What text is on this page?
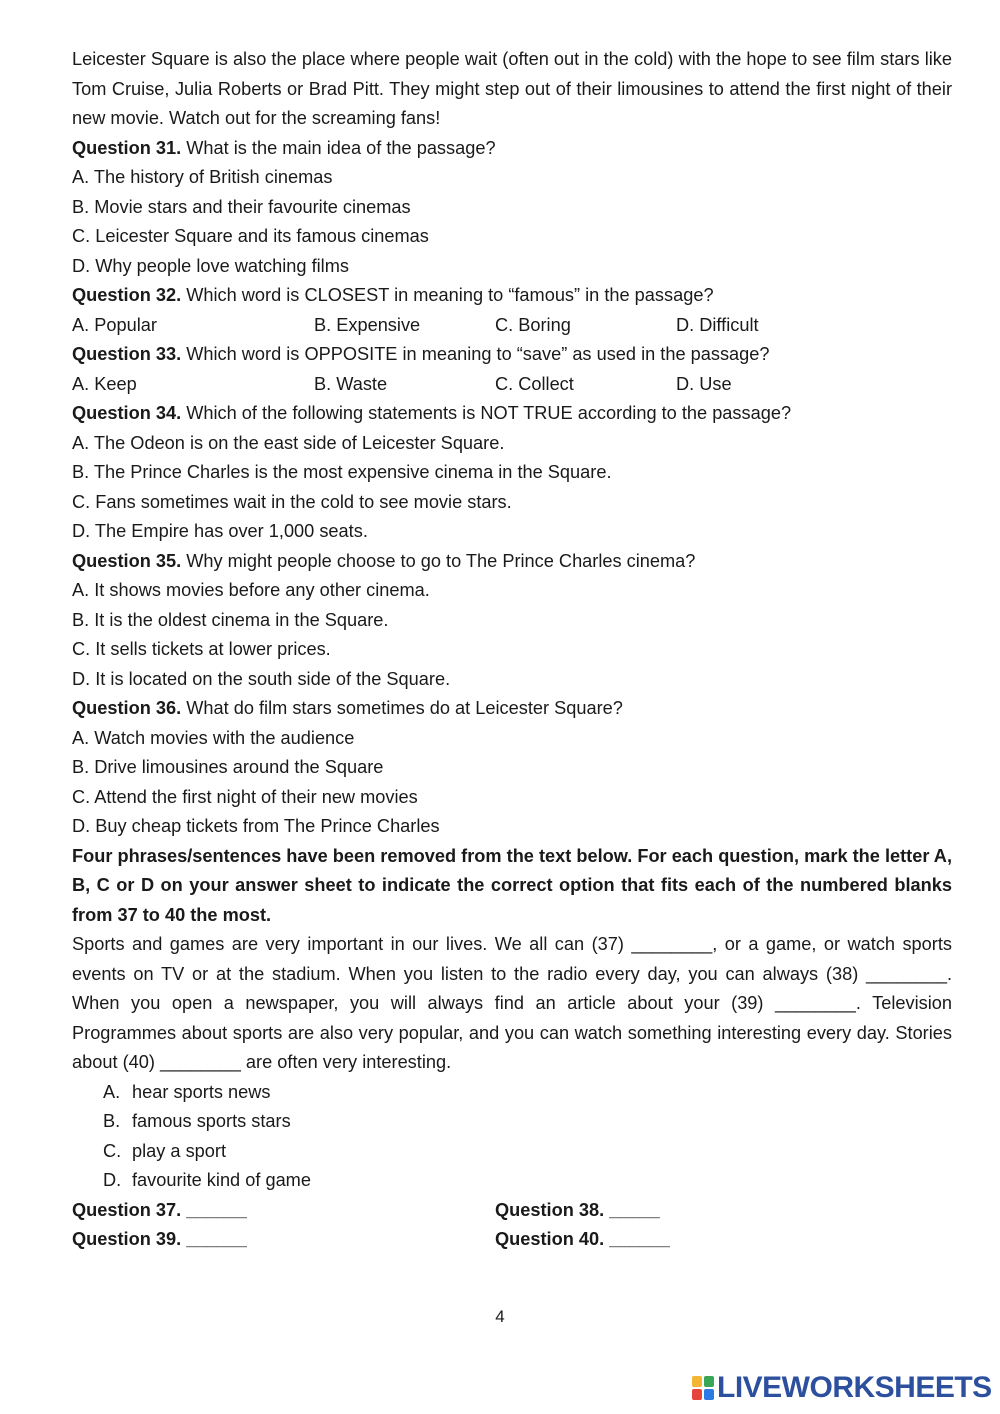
Leicester Square is also the place where people wait (often out in the cold) with the hope to see film stars like Tom Cruise, Julia Roberts or Brad Pitt. They might step out of their limousines to attend the first night of their new movie. Watch out for the screaming fans!

Question 31. What is the main idea of the passage?

A. The history of British cinemas

B. Movie stars and their favourite cinemas

C. Leicester Square and its famous cinemas

D. Why people love watching films

Question 32. Which word is CLOSEST in meaning to “famous” in the passage?

A. Popular	B. Expensive	C. Boring	D. Difficult

Question 33. Which word is OPPOSITE in meaning to “save” as used in the passage?

A. Keep	B. Waste	C. Collect	D. Use

Question 34. Which of the following statements is NOT TRUE according to the passage?

A. The Odeon is on the east side of Leicester Square.

B. The Prince Charles is the most expensive cinema in the Square.

C. Fans sometimes wait in the cold to see movie stars.

D. The Empire has over 1,000 seats.

Question 35. Why might people choose to go to The Prince Charles cinema?

A. It shows movies before any other cinema.

B. It is the oldest cinema in the Square.

C. It sells tickets at lower prices.

D. It is located on the south side of the Square.

Question 36. What do film stars sometimes do at Leicester Square?

A. Watch movies with the audience

B. Drive limousines around the Square

C. Attend the first night of their new movies

D. Buy cheap tickets from The Prince Charles

Four phrases/sentences have been removed from the text below. For each question, mark the letter A, B, C or D on your answer sheet to indicate the correct option that fits each of the numbered blanks from 37 to 40 the most.

Sports and games are very important in our lives. We all can (37) ________, or a game, or watch sports events on TV or at the stadium. When you listen to the radio every day, you can always (38) ________. When you open a newspaper, you will always find an article about your (39) ________. Television Programmes about sports are also very popular, and you can watch something interesting every day. Stories about (40) ________ are often very interesting.

A. hear sports news
B. famous sports stars
C. play a sport
D. favourite kind of game
Question 37. ______	Question 38. _____
Question 39. ______	Question 40. ______
4
LIVEWORKSHEETS
